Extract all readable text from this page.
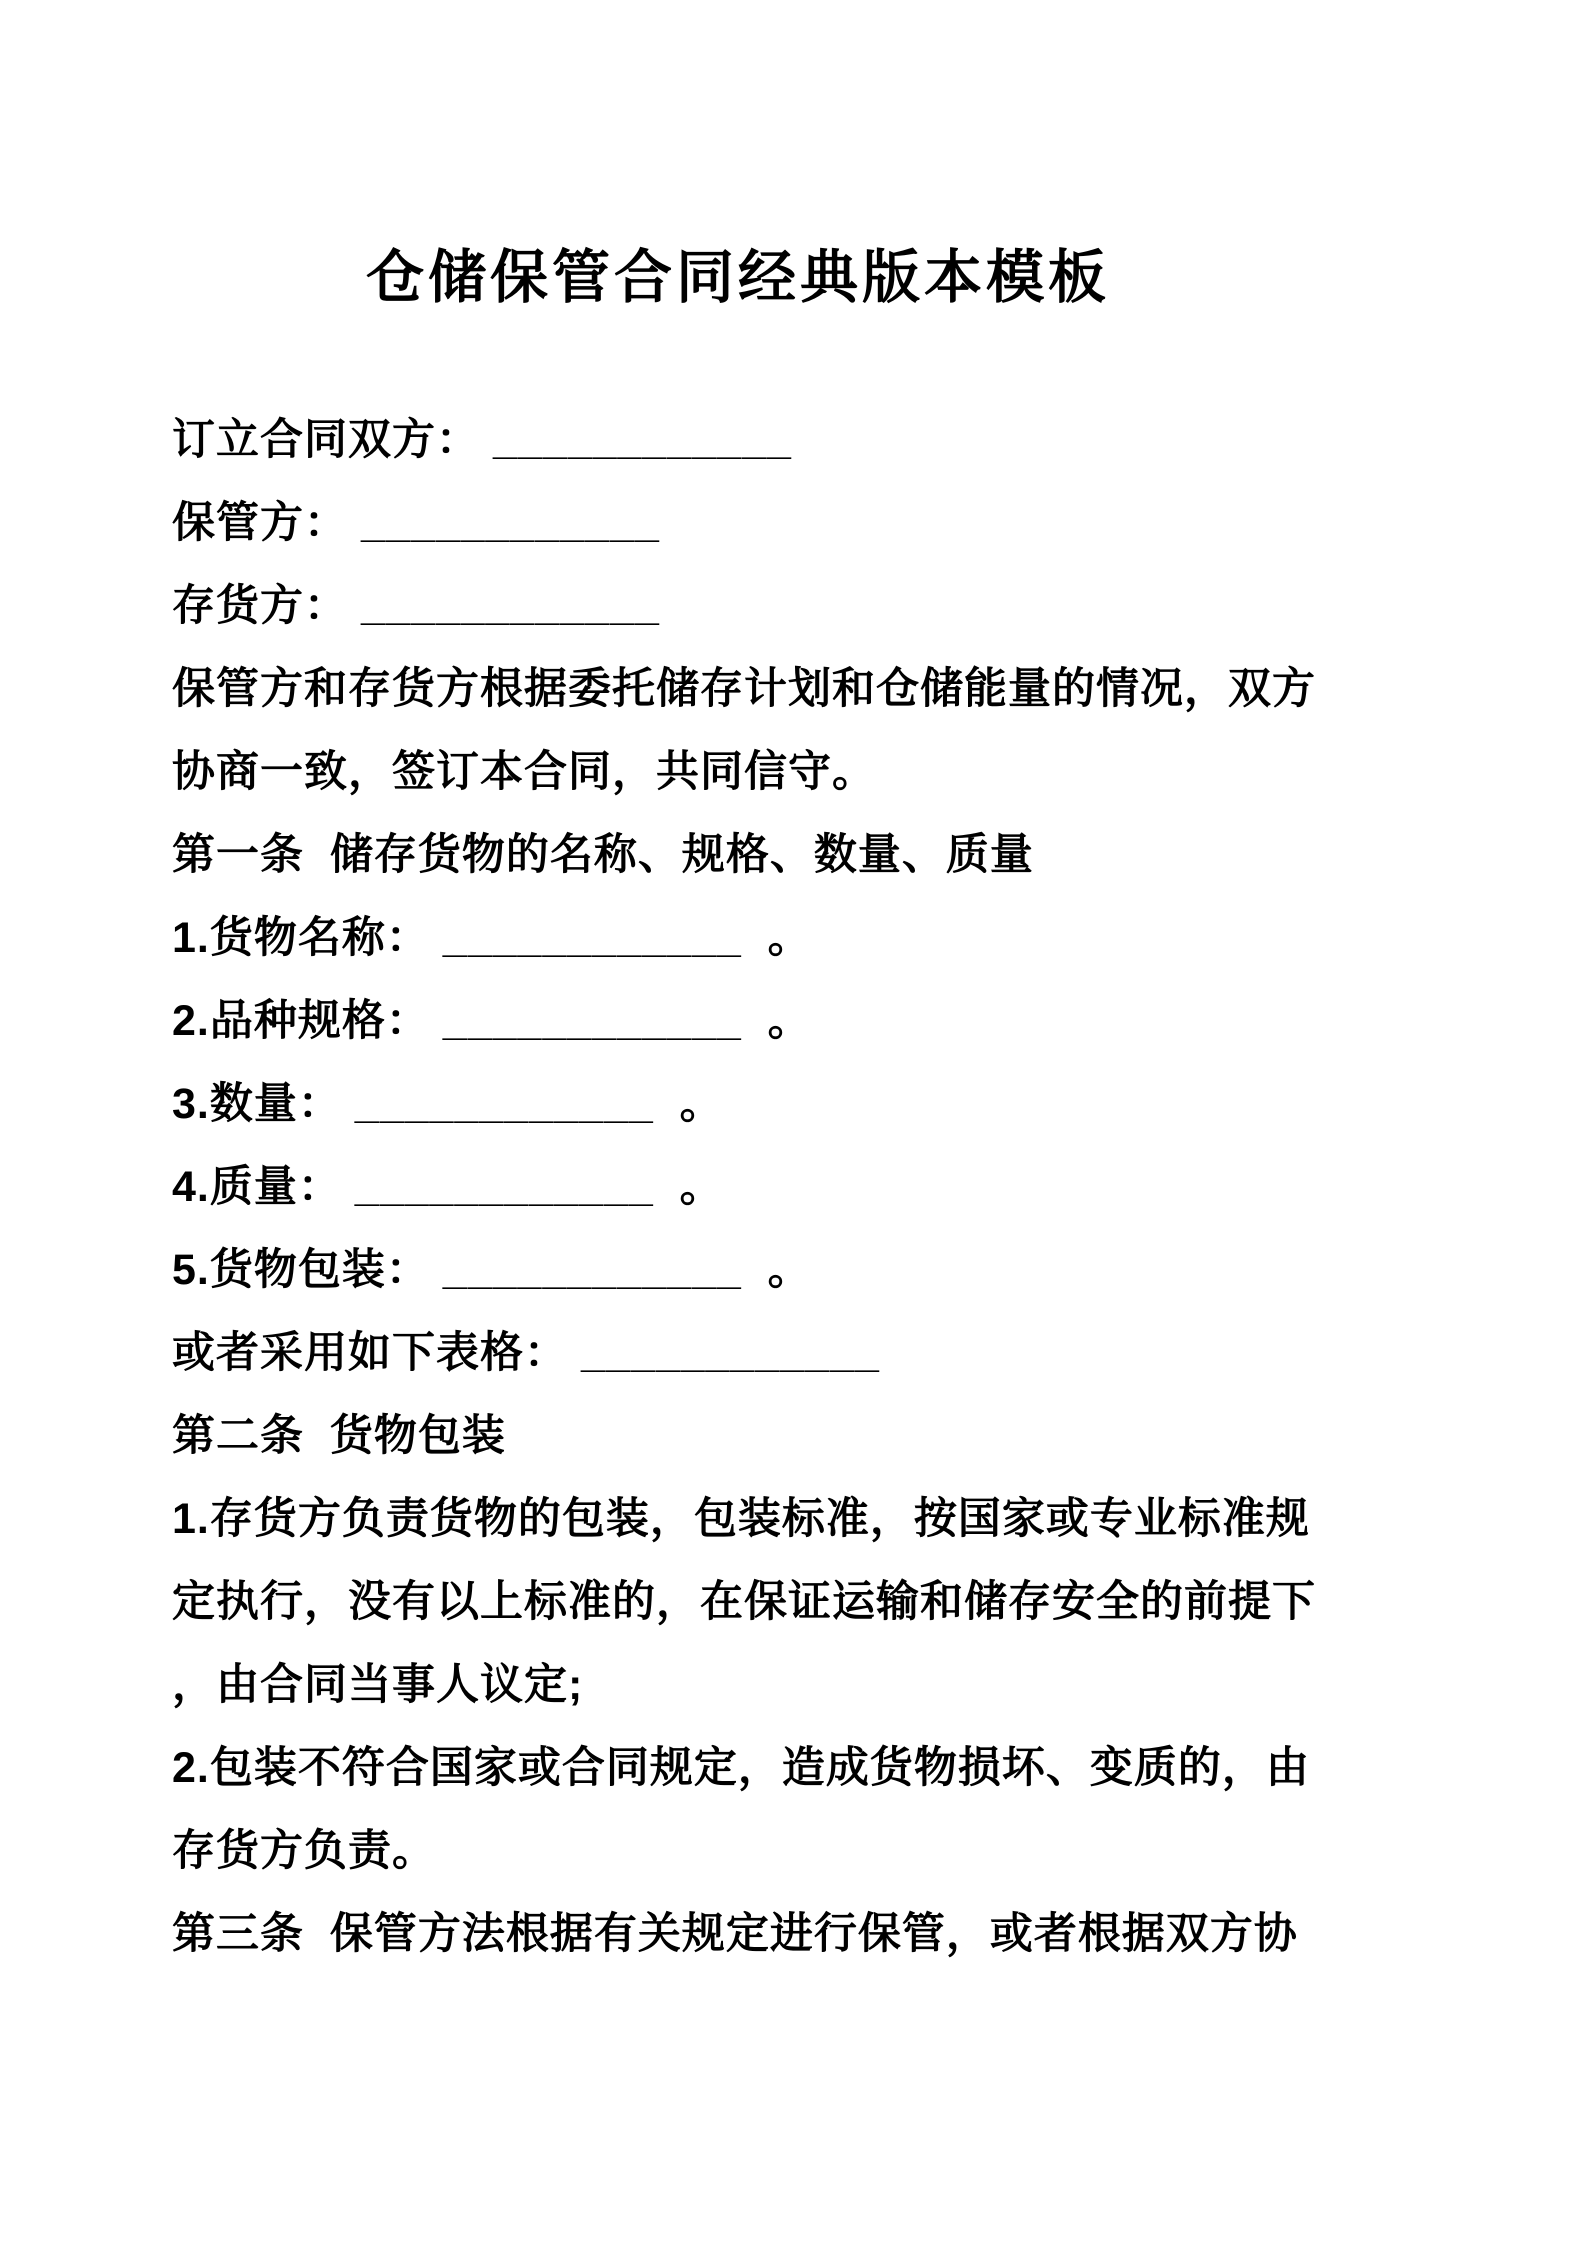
仓储保管合同经典版本模板
订立合同双方： ____________
保管方： ____________
存货方： ____________
保管方和存货方根据委托储存计划和仓储能量的情况，双方
协商一致，签订本合同，共同信守。
第一条  储存货物的名称、规格、数量、质量
1.货物名称： ____________  。
2.品种规格： ____________  。
3.数量： ____________  。
4.质量： ____________  。
5.货物包装： ____________  。
或者采用如下表格： ____________
第二条  货物包装
1.存货方负责货物的包装，包装标准，按国家或专业标准规
定执行，没有以上标准的，在保证运输和储存安全的前提下
，由合同当事人议定;
2.包装不符合国家或合同规定，造成货物损坏、变质的，由
存货方负责。
第三条  保管方法根据有关规定进行保管，或者根据双方协
